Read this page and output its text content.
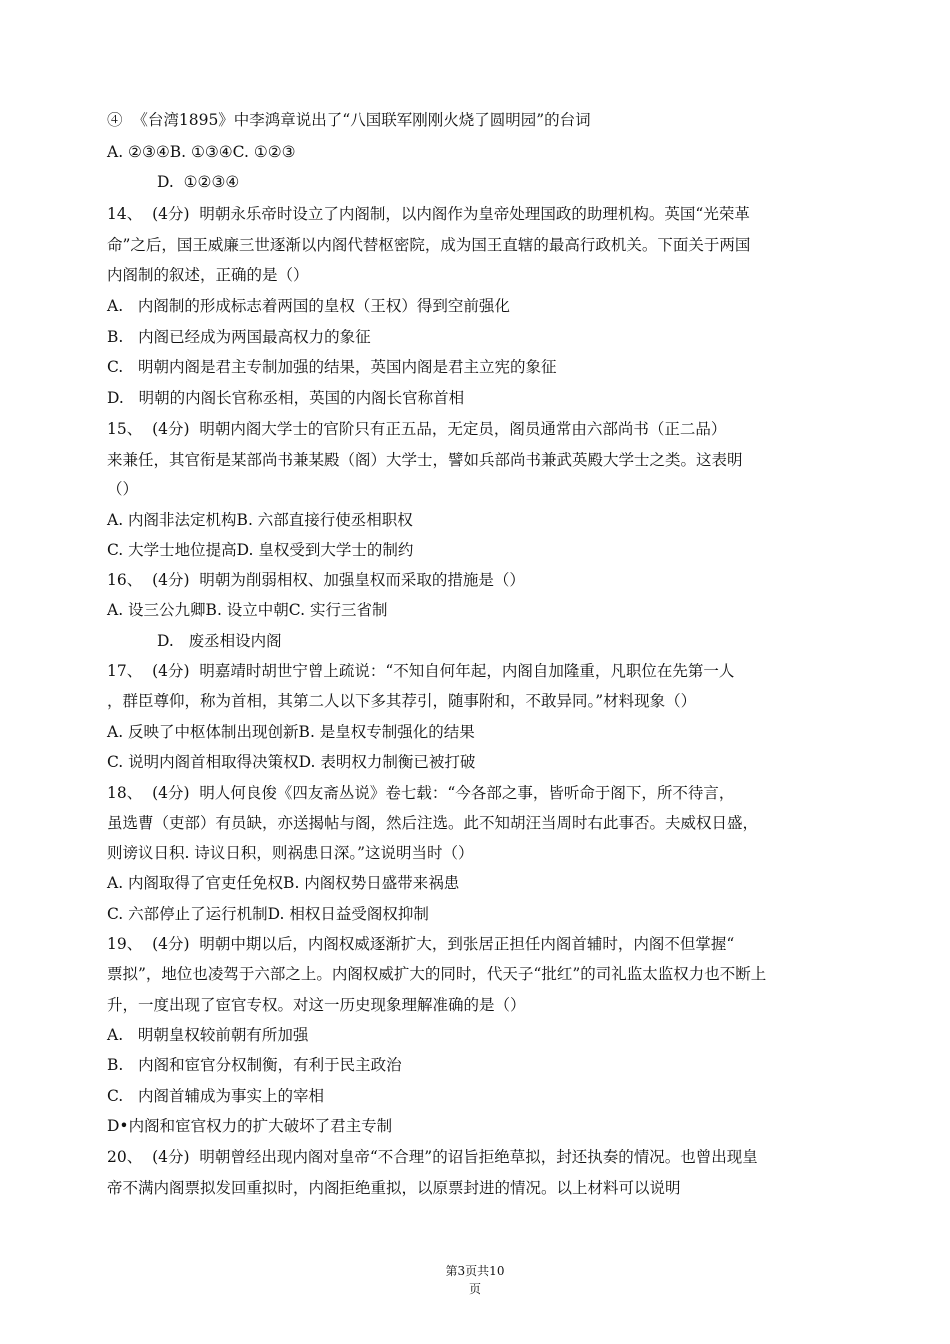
④  《台湾1895》中李鸿章说出了“八国联军刚刚火烧了圆明园”的台词
A. ②③④B. ①③④C. ①②③
D.  ①②③④
14、  (4分)  明朝永乐帝时设立了内阁制，以内阁作为皇帝处理国政的助理机构。英国“光荣革
命”之后，国王威廉三世逐渐以内阁代替枢密院，成为国王直辖的最高行政机关。下面关于两国
内阁制的叙述，正确的是（）
A.   内阁制的形成标志着两国的皇权（王权）得到空前强化
B.   内阁已经成为两国最高权力的象征
C.   明朝内阁是君主专制加强的结果，英国内阁是君主立宪的象征
D.   明朝的内阁长官称丞相，英国的内阁长官称首相
15、  (4分)  明朝内阁大学士的官阶只有正五品，无定员，阁员通常由六部尚书（正二品）
来兼任，其官衔是某部尚书兼某殿（阁）大学士，譬如兵部尚书兼武英殿大学士之类。这表明
（）
A. 内阁非法定机构B. 六部直接行使丞相职权
C. 大学士地位提高D. 皇权受到大学士的制约
16、  (4分)  明朝为削弱相权、加强皇权而采取的措施是（）
A. 设三公九卿B. 设立中朝C. 实行三省制
D.   废丞相设内阁
17、  (4分)  明嘉靖时胡世宁曾上疏说：“不知自何年起，内阁自加隆重，凡职位在先第一人
，群臣尊仰，称为首相，其第二人以下多其荐引，随事附和，不敢异同。”材料现象（）
A. 反映了中枢体制出现创新B. 是皇权专制强化的结果
C. 说明内阁首相取得决策权D. 表明权力制衡已被打破
18、  (4分)  明人何良俊《四友斋丛说》卷七载：“今各部之事，皆听命于阁下，所不待言，
虽选曹（吏部）有员缺，亦送揭帖与阁，然后注选。此不知胡汪当周时右此事否。夫威权日盛，
则谤议日积. 诗议日积，则祸患日深。”这说明当时（）
A. 内阁取得了官吏任免权B. 内阁权势日盛带来祸患
C. 六部停止了运行机制D. 相权日益受阁权抑制
19、  (4分)  明朝中期以后，内阁权威逐渐扩大，到张居正担任内阁首辅时，内阁不但掌握“
票拟”，地位也凌驾于六部之上。内阁权威扩大的同时，代天子“批红”的司礼监太监权力也不断上
升，一度出现了宦官专权。对这一历史现象理解准确的是（）
A.   明朝皇权较前朝有所加强
B.   内阁和宦官分权制衡，有利于民主政治
C.   内阁首辅成为事实上的宰相
D•内阁和宦官权力的扩大破坏了君主专制
20、  (4分)  明朝曾经出现内阁对皇帝“不合理”的诏旨拒绝草拟，封还执奏的情况。也曾出现皇
帝不满内阁票拟发回重拟时，内阁拒绝重拟，以原票封进的情况。以上材料可以说明
第3页共10
页
